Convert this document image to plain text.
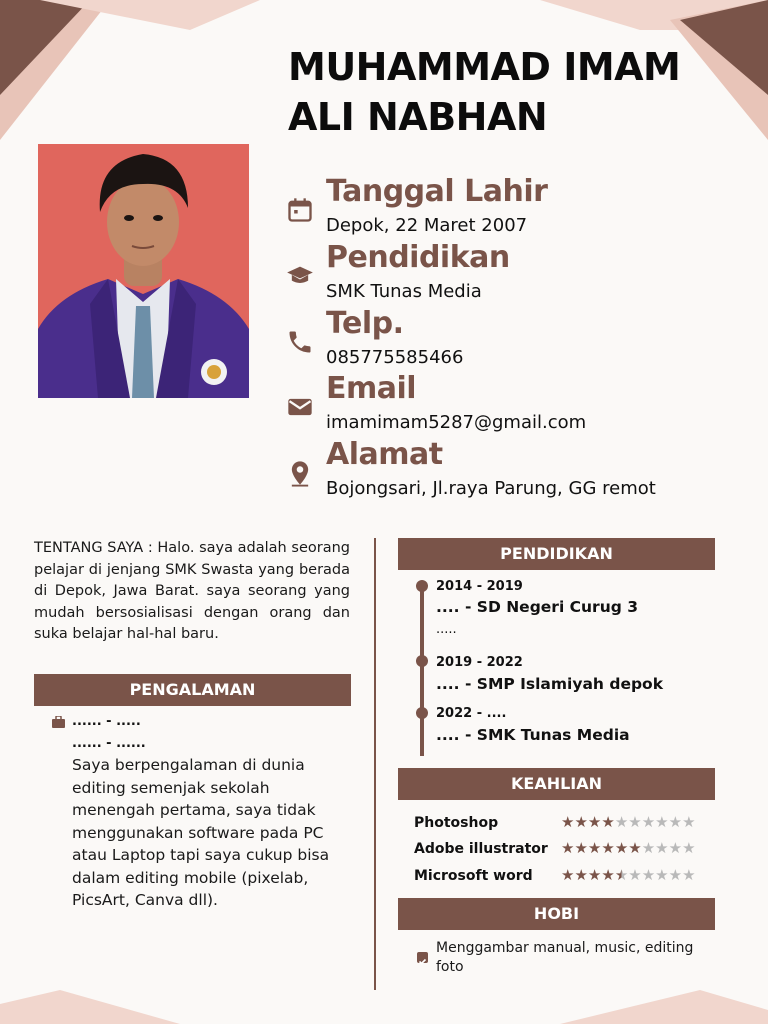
MUHAMMAD IMAM
ALI NABHAN
Tanggal Lahir
Depok, 22 Maret 2007
Pendidikan
SMK Tunas Media
Telp.
085775585466
Email
imamimam5287@gmail.com
Alamat
Bojongsari, Jl.raya Parung, GG remot
TENTANG SAYA : Halo. saya adalah seorang pelajar di jenjang SMK Swasta yang berada di Depok, Jawa Barat. saya seorang yang mudah bersosialisasi dengan orang dan suka belajar hal-hal baru.
PENGALAMAN
...... - .....
...... - ......
Saya berpengalaman di dunia editing semenjak sekolah menengah pertama, saya tidak menggunakan software pada PC atau Laptop tapi saya cukup bisa dalam editing mobile (pixelab, PicsArt, Canva dll).
PENDIDIKAN
2014 - 2019
.... - SD Negeri Curug 3
.....
2019 - 2022
.... - SMP Islamiyah depok
2022 - ....
.... - SMK Tunas Media
KEAHLIAN
Photoshop	★★★★★★★★★★
Adobe illustrator ★★★★★★★★★★
Microsoft word ★★★★★★★★★★
HOBI
Menggambar manual, music, editing foto
